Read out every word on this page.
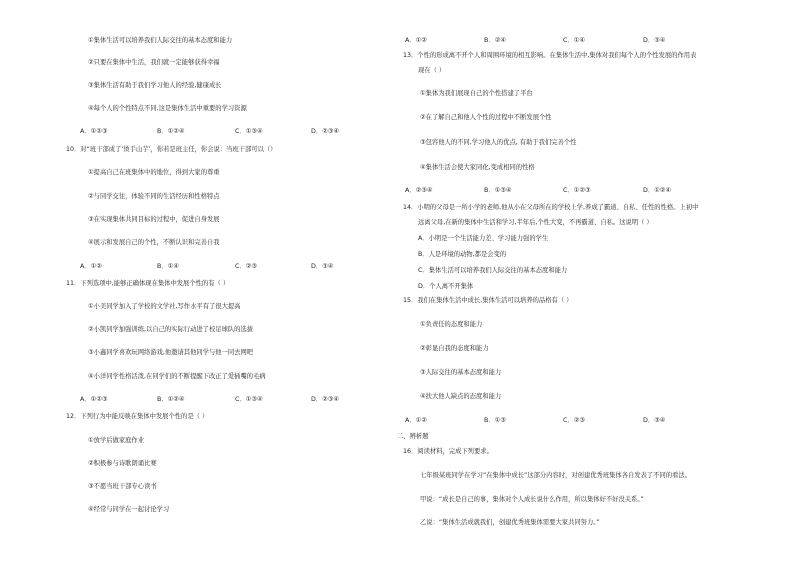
①集体生活可以培养我们人际交往的基本态度和能力
②只要在集体中生活，我们就一定能够获得幸福
③集体生活有助于我们学习他人的经验,健康成长
④每个人的个性特点不同,这是集体生活中重要的学习资源
A．①②③	B．①②④	C．①③④	D．②③④
10．对“班干部成了‘烫手山芋’，你若是班主任，你会说：当班干部可以（）
①提高自己在班集体中的地位，得到大家的尊重
②与同学交往，体验不同的生活经历和性格特点
③在实现集体共同目标的过程中，促进自身发展
④展示和发展自己的个性，不断认识和完善自我
A．①②	B．①④	C．②③	D．③④
11．下列选项中,能够正确体现在集体中发展个性的有（ ）
①小美同学加入了学校的文学社,写作水平有了很大提高
②小凯同学加强训练,以自己的实际行动进了校足球队的选拔
③小鑫同学喜欢玩网络游戏,他邀请其他同学与他一同去网吧
④小洋同学性格活泼,在同学们的不断提醒下改正了爱插嘴的毛病
A．①②③	B．①②④	C．①③④	D．②③④
12．下列行为中能反映在集体中发展个性的是（ ）
①放学后做家庭作业
②积极参与诗歌朗诵比赛
③不愿当班干部专心读书
④经常与同学在一起讨论学习
A．①②	B．②④	C．①④	D．③④
13．个性的形成离不开个人和周围环境的相互影响。在集体生活中,集体对我们每个人的个性发展的作用表
现在（ ）
①集体为我们展现自己的个性搭建了平台
②在了解自己和他人个性的过程中不断发展个性
③包容他人的不同,学习他人的优点, 有助于我们完善个性
④集体生活会使大家同化,变成相同的性格
A．②③④	B．①③④	C．①②③	D．①②④
14．小明的父母是一所小学的老师,他从小在父母所在的学校上学,养成了霸道、自私、任性的性格。上初中
远离父母,在新的集体中生活和学习,半年后,个性大变，不再霸道、自私。这说明（ ）
A．小明是一个生活能力差、学习能力强的学生
B．人是环境的动物,都是会变的
C．集体生活可以培养我们人际交往的基本态度和能力
D．个人离不开集体
15．我们在集体生活中成长,集体生活可以培养的品格有（ ）
①负责任的态度和能力
②彰显自我的态度和能力
③人际交往的基本态度和能力
④扶大他人缺点的态度和能力
A．①②	B．①③	C．②③	D．③④
二、辨析题
16．阅读材料，完成下列要求。
七年级某班同学在学习“在集体中成长”这部分内容时，对创建优秀班集体各自发表了不同的看法。
甲说：“成长是自己的事，集体对个人成长说什么作用，所以集体好不好没关系。”
乙说：“集体生活成就我们，创建优秀班集体需要大家共同努力。”
